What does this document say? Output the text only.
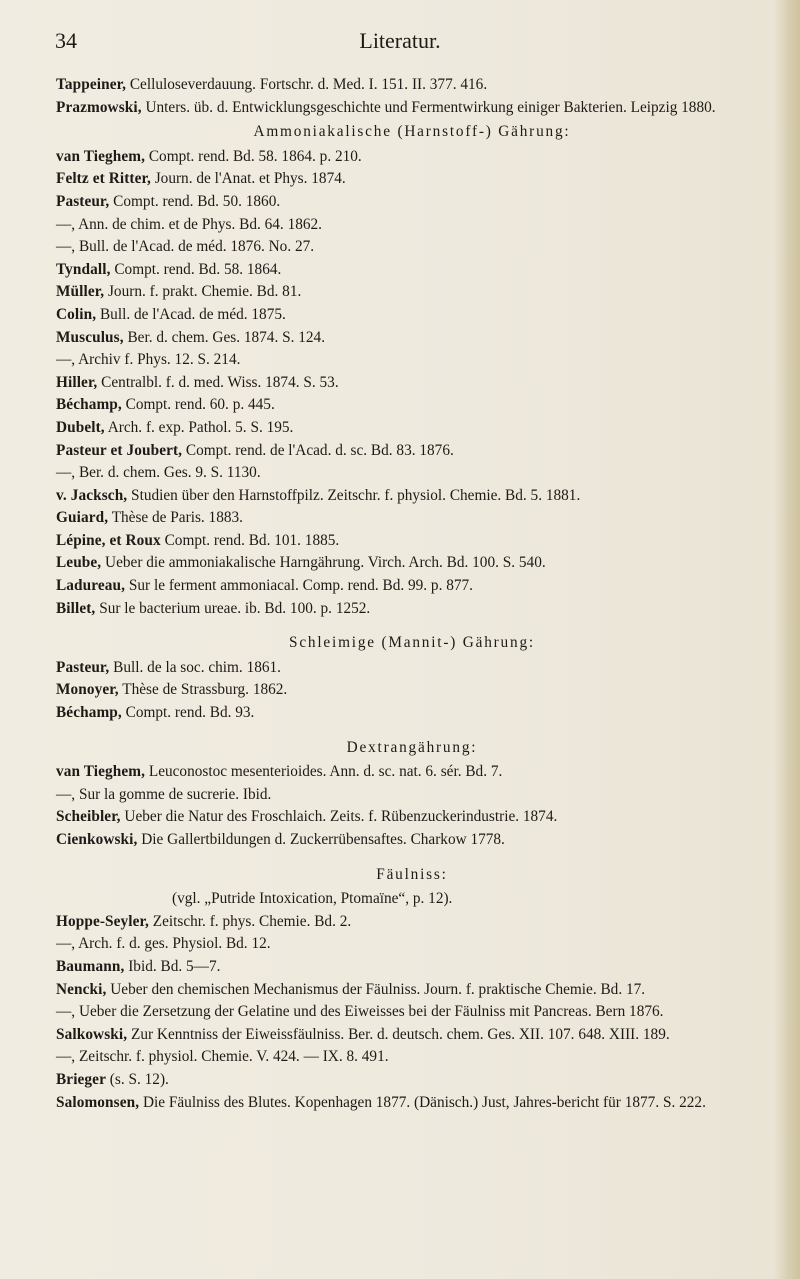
34	Literatur.
Tappeiner, Celluloseverdauung. Fortschr. d. Med. I. 151. II. 377. 416.
Prazmowski, Unters. üb. d. Entwicklungsgeschichte und Fermentwirkung einiger Bakterien. Leipzig 1880.
Ammoniakalische (Harnstoff-) Gährung:
van Tieghem, Compt. rend. Bd. 58. 1864. p. 210.
Feltz et Ritter, Journ. de l'Anat. et Phys. 1874.
Pasteur, Compt. rend. Bd. 50. 1860.
—, Ann. de chim. et de Phys. Bd. 64. 1862.
—, Bull. de l'Acad. de méd. 1876. No. 27.
Tyndall, Compt. rend. Bd. 58. 1864.
Müller, Journ. f. prakt. Chemie. Bd. 81.
Colin, Bull. de l'Acad. de méd. 1875.
Musculus, Ber. d. chem. Ges. 1874. S. 124.
—, Archiv f. Phys. 12. S. 214.
Hiller, Centralbl. f. d. med. Wiss. 1874. S. 53.
Béchamp, Compt. rend. 60. p. 445.
Dubelt, Arch. f. exp. Pathol. 5. S. 195.
Pasteur et Joubert, Compt. rend. de l'Acad. d. sc. Bd. 83. 1876.
—, Ber. d. chem. Ges. 9. S. 1130.
v. Jacksch, Studien über den Harnstoffpilz. Zeitschr. f. physiol. Chemie. Bd. 5. 1881.
Guiard, Thèse de Paris. 1883.
Lépine, et Roux Compt. rend. Bd. 101. 1885.
Leube, Ueber die ammoniakalische Harngährung. Virch. Arch. Bd. 100. S. 540.
Ladureau, Sur le ferment ammoniacal. Comp. rend. Bd. 99. p. 877.
Billet, Sur le bacterium ureae. ib. Bd. 100. p. 1252.
Schleimige (Mannit-) Gährung:
Pasteur, Bull. de la soc. chim. 1861.
Monoyer, Thèse de Strassburg. 1862.
Béchamp, Compt. rend. Bd. 93.
Dextrangährung:
van Tieghem, Leuconostoc mesenterioides. Ann. d. sc. nat. 6. sér. Bd. 7.
—, Sur la gomme de sucrerie. Ibid.
Scheibler, Ueber die Natur des Froschlaich. Zeits. f. Rübenzuckerindustrie. 1874.
Cienkowski, Die Gallertbildungen d. Zuckerrübensaftes. Charkow 1778.
Fäulniss:
(vgl. „Putride Intoxication, Ptomaïne“, p. 12).
Hoppe-Seyler, Zeitschr. f. phys. Chemie. Bd. 2.
—, Arch. f. d. ges. Physiol. Bd. 12.
Baumann, Ibid. Bd. 5—7.
Nencki, Ueber den chemischen Mechanismus der Fäulniss. Journ. f. praktische Chemie. Bd. 17.
—, Ueber die Zersetzung der Gelatine und des Eiweisses bei der Fäulniss mit Pancreas. Bern 1876.
Salkowski, Zur Kenntniss der Eiweissfäulniss. Ber. d. deutsch. chem. Ges. XII. 107. 648. XIII. 189.
—, Zeitschr. f. physiol. Chemie. V. 424. — IX. 8. 491.
Brieger (s. S. 12).
Salomonsen, Die Fäulniss des Blutes. Kopenhagen 1877. (Dänisch.) Just, Jahres-bericht für 1877. S. 222.
